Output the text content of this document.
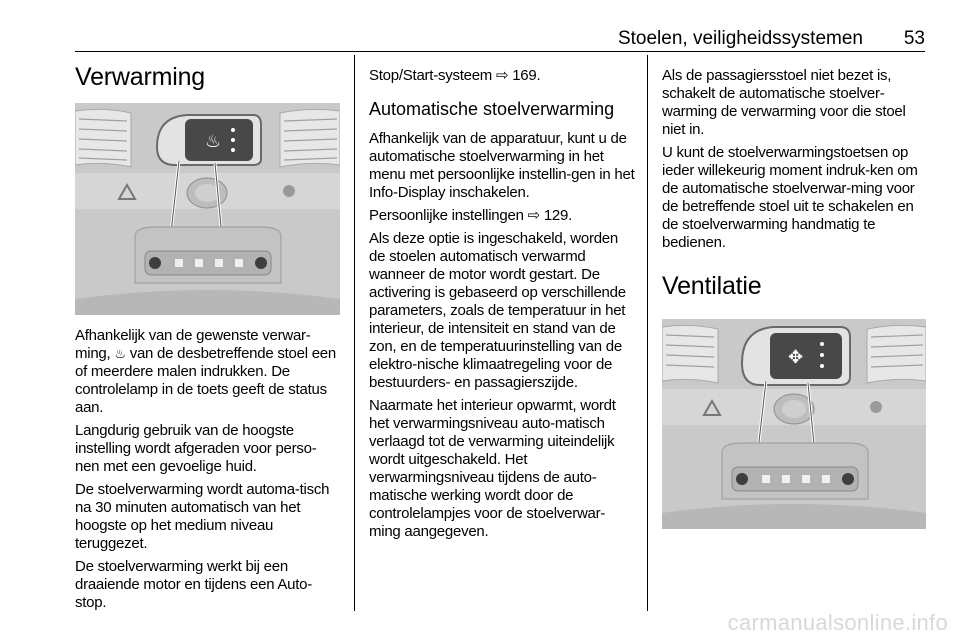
Stoelen, veiligheidssystemen 53
Verwarming
♨

Afhankelijk van de gewenste verwar-ming, ♨ van de desbetreffende stoel een of meerdere malen indrukken. De controlelamp in de toets geeft de status aan.

Langdurig gebruik van de hoogste instelling wordt afgeraden voor perso-nen met een gevoelige huid.

De stoelverwarming wordt automa-tisch na 30 minuten automatisch van het hoogste op het medium niveau teruggezet.

De stoelverwarming werkt bij een draaiende motor en tijdens een Auto-stop.

Stop/Start-systeem ⇨ 169.

Automatische stoelverwarming

Afhankelijk van de apparatuur, kunt u de automatische stoelverwarming in het menu met persoonlijke instellin-gen in het Info-Display inschakelen.

Persoonlijke instellingen ⇨ 129.

Als deze optie is ingeschakeld, worden de stoelen automatisch verwarmd wanneer de motor wordt gestart. De activering is gebaseerd op verschillende parameters, zoals de temperatuur in het interieur, de intensiteit en stand van de zon, en de temperatuurinstelling van de elektro-nische klimaatregeling voor de bestuurders- en passagierszijde.

Naarmate het interieur opwarmt, wordt het verwarmingsniveau auto-matisch verlaagd tot de verwarming uiteindelijk wordt uitgeschakeld. Het verwarmingsniveau tijdens de auto-matische werking wordt door de controlelampjes voor de stoelverwar-ming aangegeven.

Als de passagiersstoel niet bezet is, schakelt de automatische stoelver-warming de verwarming voor die stoel niet in.

U kunt de stoelverwarmingstoetsen op ieder willekeurig moment indruk-ken om de automatische stoelverwar-ming voor de betreffende stoel uit te schakelen en de stoelverwarming handmatig te bedienen.

Ventilatie
✥
carmanualsonline.info
